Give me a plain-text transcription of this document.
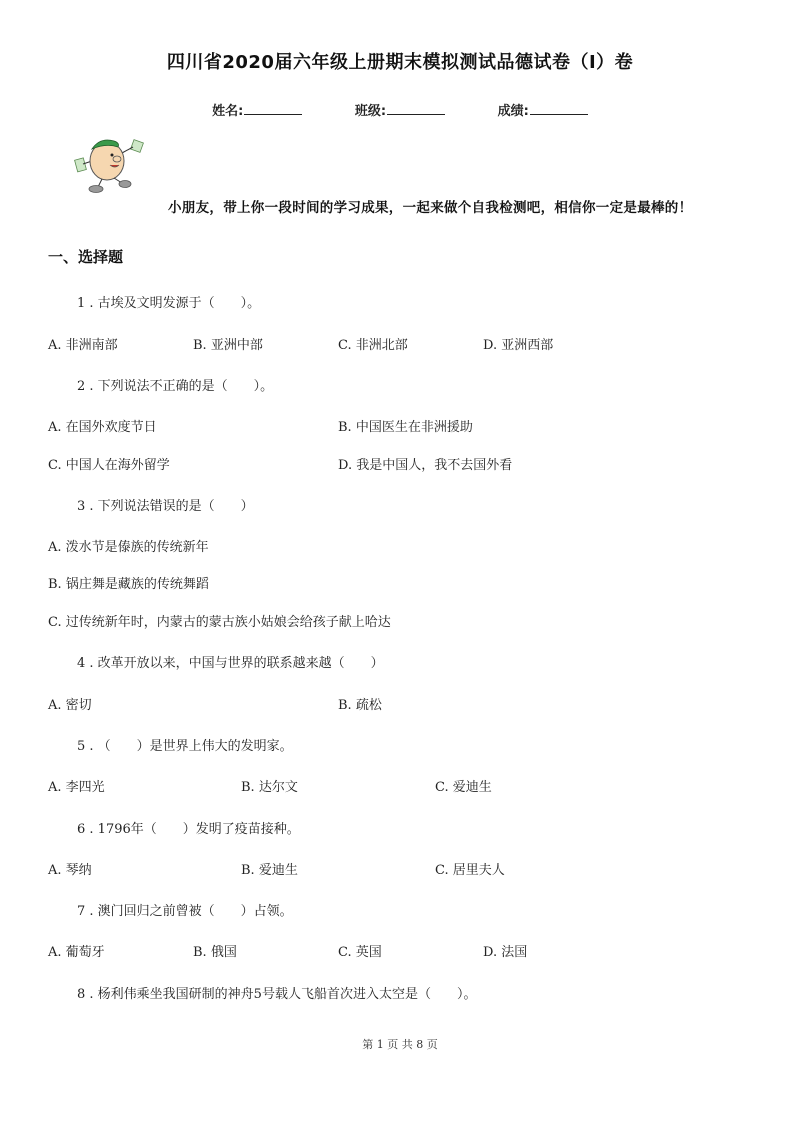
四川省2020届六年级上册期末模拟测试品德试卷（I）卷
姓名:	班级:	成绩:
小朋友，带上你一段时间的学习成果，一起来做个自我检测吧，相信你一定是最棒的！
一、选择题
1 . 古埃及文明发源于（　　）。
A. 非洲南部	B. 亚洲中部	C. 非洲北部	D. 亚洲西部
2 . 下列说法不正确的是（　　）。
A. 在国外欢度节日	B. 中国医生在非洲援助
C. 中国人在海外留学	D. 我是中国人，我不去国外看
3 . 下列说法错误的是（　　）
A. 泼水节是傣族的传统新年
B. 锅庄舞是藏族的传统舞蹈
C. 过传统新年时，内蒙古的蒙古族小姑娘会给孩子献上哈达
4 . 改革开放以来，中国与世界的联系越来越（　　）
A. 密切	B. 疏松
5 . （　　）是世界上伟大的发明家。
A. 李四光	B. 达尔文	C. 爱迪生
6 . 1796年（　　）发明了疫苗接种。
A. 琴纳	B. 爱迪生	C. 居里夫人
7 . 澳门回归之前曾被（　　）占领。
A. 葡萄牙	B. 俄国	C. 英国	D. 法国
8 . 杨利伟乘坐我国研制的神舟5号载人飞船首次进入太空是（　　）。
第 1 页 共 8 页
